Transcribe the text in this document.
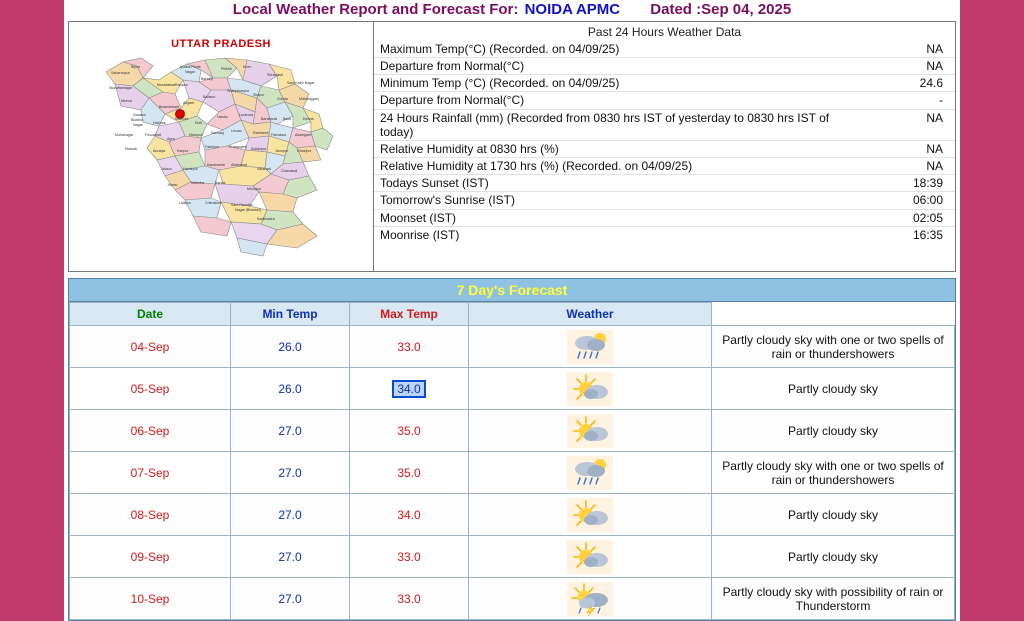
Local Weather Report and Forecast For: NOIDA APMC Dated :Sep 04, 2025
UTTAR PRADESH
Saharanpur
Muzaffarnagar
Meerut
Bijnor
Moradabad
Jyotiba Phule
Nagar
Rampur
Bareilly
Pilibhit	Kheri
Shrawasti
Sant Kabir Nagar
Bulandshahr
Aligarh
Badaun
Shahjahanpur
Sitapur
Gonda	Maharajganj
Gautam
Buddha
Nagar	Hathras
Mathura
Etah
Hardoi	Lucknow
Barabanki Basti	Deoria
Mohanagar	Firozabad
Agra
Mainpuri Kannauj Unnao	Raebareli Faizabad	Azamgarh
Etawah	Auraiya	Kanpur
Fatehpur	Pratapgarh Sultanpur Jaunpur	Ghazipur
Jalaun	Hamirpur
Kaushambi Allahabad
Varanasi	Chandauli
Jhansi	Mahoba	Banda
Mirzapur
Lalitpur	Chitrakoot	Sant Ravidas
Nagar (Bhadohi)
Sonbhadra
Past 24 Hours Weather Data
Maximum Temp(°C) (Recorded. on 04/09/25)	NA
Departure from Normal(°C)	NA
Minimum Temp (°C) (Recorded. on 04/09/25)	24.6
Departure from Normal(°C)	-
24 Hours Rainfall (mm) (Recorded from 0830 hrs IST of yesterday to 0830 hrs IST of today)	NA
Relative Humidity at 0830 hrs (%)	NA
Relative Humidity at 1730 hrs (%) (Recorded. on 04/09/25)	NA
Todays Sunset (IST)	18:39
Tomorrow's Sunrise (IST)	06:00
Moonset (IST)	02:05
Moonrise (IST)	16:35
7 Day's Forecast
Date	Min Temp	Max Temp	Weather	
04-Sep	26.0	33.0		Partly cloudy sky with one or two spells of rain or thundershowers
05-Sep	26.0	34.0		Partly cloudy sky
06-Sep	27.0	35.0		Partly cloudy sky
07-Sep	27.0	35.0		Partly cloudy sky with one or two spells of rain or thundershowers
08-Sep	27.0	34.0		Partly cloudy sky
09-Sep	27.0	33.0		Partly cloudy sky
10-Sep	27.0	33.0		Partly cloudy sky with possibility of rain or Thunderstorm
